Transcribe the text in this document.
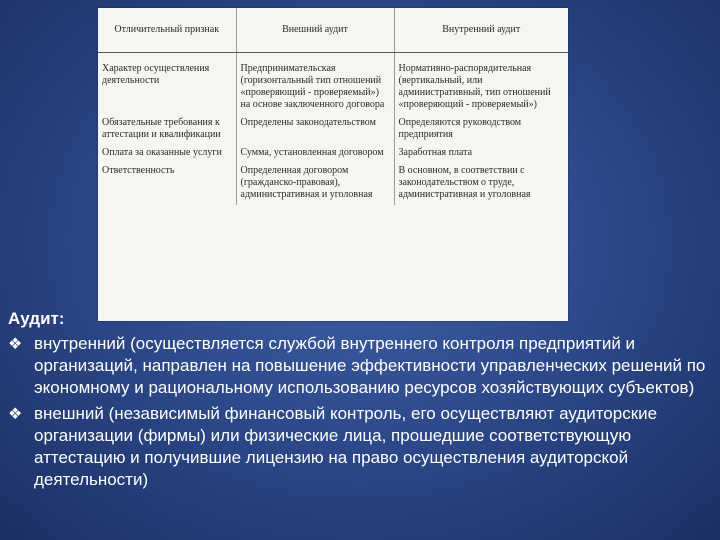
Отличительный признак	Внешний аудит	Внутренний аудит
Характер осуществления деятельности	Предпринимательская (горизонтальный тип отношений «проверяющий - проверяемый») на основе заключенного договора	Нормативно-распорядительная (вертикальный, или административный, тип отношений «проверяющий - проверяемый»)
Обязательные требования к аттестации и квалификации	Определены законодательством	Определяются руководством предприятия
Оплата за оказанные услуги	Сумма, установленная договором	Заработная плата
Ответственность	Определенная договором (гражданско-правовая), административная и уголовная	В основном, в соответствии с законодательством о труде, административная и уголовная
Аудит:
❖ внутренний (осуществляется службой внутреннего контроля предприятий и организаций, направлен на повышение эффективности управленческих решений по экономному и рациональному использованию ресурсов хозяйствующих субъектов)
❖ внешний (независимый финансовый контроль, его осуществляют аудиторские организации (фирмы) или физические лица, прошедшие соответствующую аттестацию и получившие лицензию на право осуществления аудиторской деятельности)
